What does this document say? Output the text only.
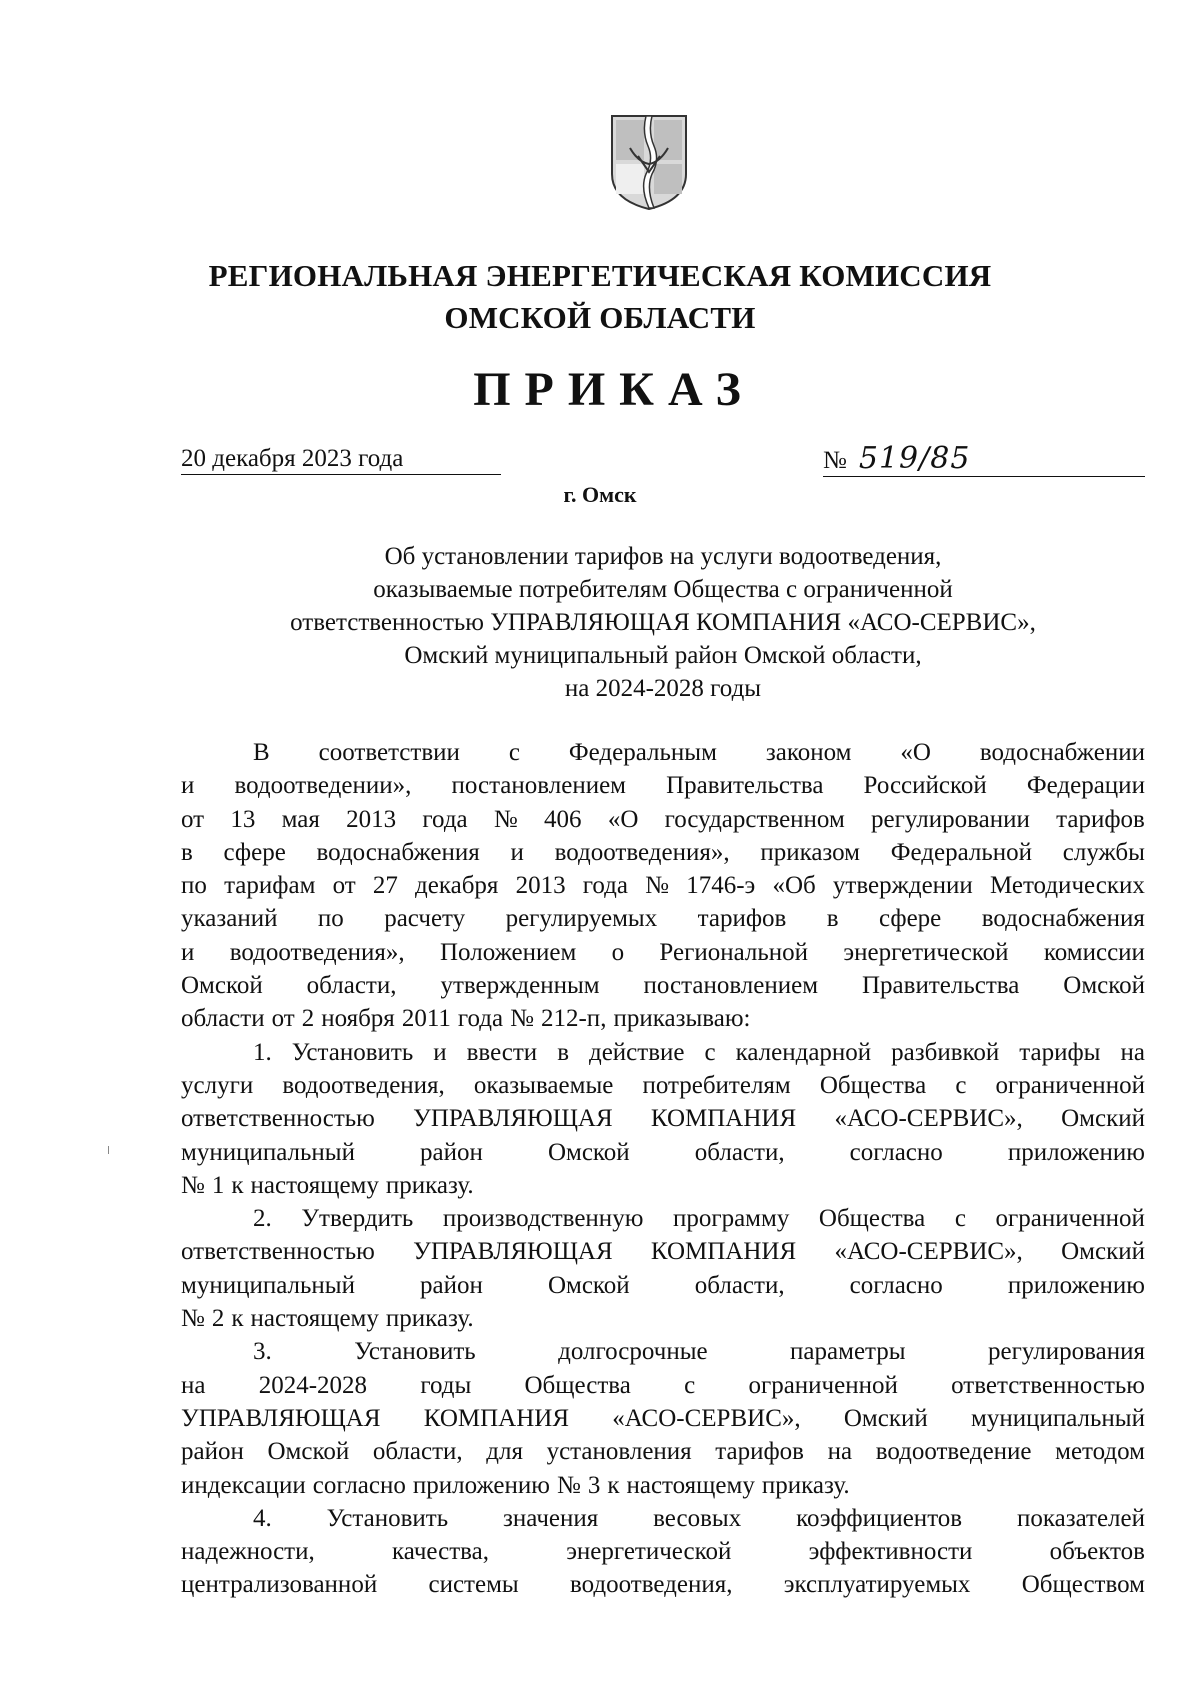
РЕГИОНАЛЬНАЯ ЭНЕРГЕТИЧЕСКАЯ КОМИССИЯ
ОМСКОЙ ОБЛАСТИ
ПРИКАЗ
20 декабря 2023 года	№ 519/85
г. Омск
Об установлении тарифов на услуги водоотведения,
оказываемые потребителям Общества с ограниченной
ответственностью УПРАВЛЯЮЩАЯ КОМПАНИЯ «АСО-СЕРВИС»,
Омский муниципальный район Омской области,
на 2024-2028 годы
В соответствии с Федеральным законом «О водоснабжении
и водоотведении», постановлением Правительства Российской Федерации
от 13 мая 2013 года № 406 «О государственном регулировании тарифов
в сфере водоснабжения и водоотведения», приказом Федеральной службы
по тарифам от 27 декабря 2013 года № 1746-э «Об утверждении Методических
указаний по расчету регулируемых тарифов в сфере водоснабжения
и водоотведения», Положением о Региональной энергетической комиссии
Омской области, утвержденным постановлением Правительства Омской
области от 2 ноября 2011 года № 212-п, приказываю:
1. Установить и ввести в действие с календарной разбивкой тарифы на
услуги водоотведения, оказываемые потребителям Общества с ограниченной
ответственностью УПРАВЛЯЮЩАЯ КОМПАНИЯ «АСО-СЕРВИС», Омский
муниципальный	район	Омской	области,	согласно	приложению
№ 1 к настоящему приказу.
2. Утвердить производственную программу Общества с ограниченной
ответственностью УПРАВЛЯЮЩАЯ КОМПАНИЯ «АСО-СЕРВИС», Омский
муниципальный	район	Омской	области,	согласно	приложению
№ 2 к настоящему приказу.
3.	Установить	долгосрочные	параметры	регулирования
на 2024-2028 годы Общества с ограниченной ответственностью
УПРАВЛЯЮЩАЯ КОМПАНИЯ «АСО-СЕРВИС», Омский муниципальный
район Омской области, для установления тарифов на водоотведение методом
индексации согласно приложению № 3 к настоящему приказу.
4. Установить значения весовых коэффициентов показателей
надежности,	качества,	энергетической	эффективности	объектов
централизованной системы водоотведения, эксплуатируемых Обществом
